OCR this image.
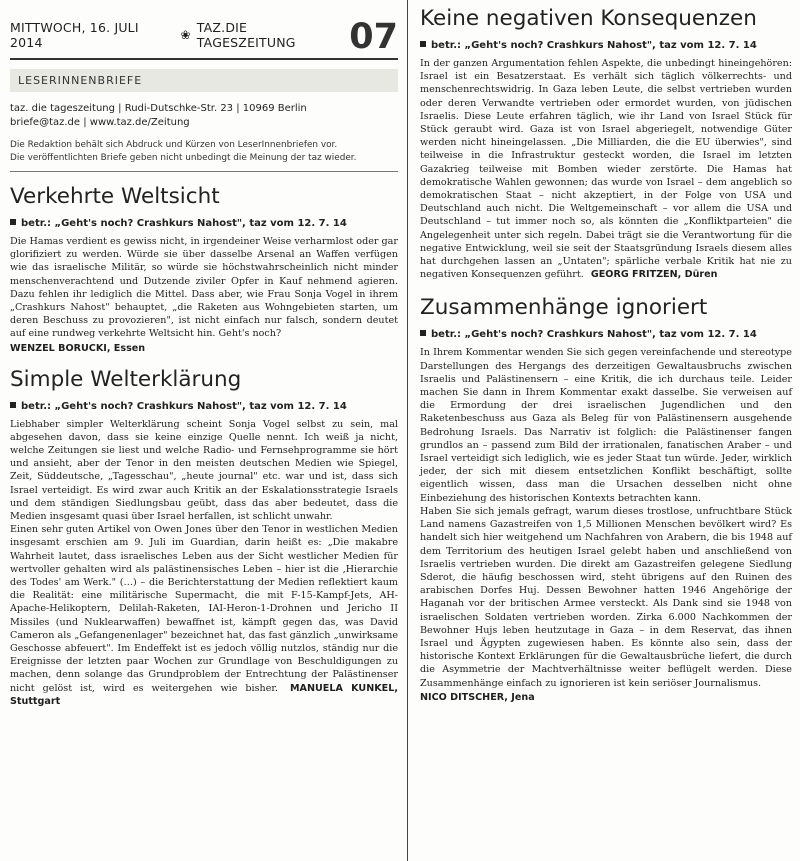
MITTWOCH, 16. JULI 2014	❀ TAZ.DIE TAGESZEITUNG	07
LESERINNENBRIEFE
taz. die tageszeitung | Rudi-Dutschke-Str. 23 | 10969 Berlin
briefe@taz.de | www.taz.de/Zeitung
Die Redaktion behält sich Abdruck und Kürzen von LeserInnenbriefen vor.
Die veröffentlichten Briefe geben nicht unbedingt die Meinung der taz wieder.
Verkehrte Weltsicht
betr.: „Geht's noch? Crashkurs Nahost", taz vom 12. 7. 14

Die Hamas verdient es gewiss nicht, in irgendeiner Weise verharmlost oder gar glorifiziert zu werden. Würde sie über dasselbe Arsenal an Waffen verfügen wie das israelische Militär, so würde sie höchstwahrscheinlich nicht minder menschenverachtend und Dutzende ziviler Opfer in Kauf nehmend agieren. Dazu fehlen ihr lediglich die Mittel. Dass aber, wie Frau Sonja Vogel in ihrem „Crashkurs Nahost" behauptet, „die Raketen aus Wohngebieten starten, um deren Beschuss zu provozieren", ist nicht einfach nur falsch, sondern deutet auf eine rundweg verkehrte Weltsicht hin. Geht's noch?

WENZEL BORUCKI, Essen
Simple Welterklärung
betr.: „Geht's noch? Crashkurs Nahost", taz vom 12. 7. 14

Liebhaber simpler Welterklärung scheint Sonja Vogel selbst zu sein, mal abgesehen davon, dass sie keine einzige Quelle nennt. Ich weiß ja nicht, welche Zeitungen sie liest und welche Radio- und Fernsehprogramme sie hört und ansieht, aber der Tenor in den meisten deutschen Medien wie Spiegel, Zeit, Süddeutsche, „Tagesschau", „heute journal" etc. war und ist, dass sich Israel verteidigt. Es wird zwar auch Kritik an der Eskalationsstrategie Israels und dem ständigen Siedlungsbau geübt, dass das aber bedeutet, dass die Medien insgesamt quasi über Israel herfallen, ist schlicht unwahr.

Einen sehr guten Artikel von Owen Jones über den Tenor in westlichen Medien insgesamt erschien am 9. Juli im Guardian, darin heißt es: „Die makabre Wahrheit lautet, dass israelisches Leben aus der Sicht westlicher Medien für wertvoller gehalten wird als palästinensisches Leben – hier ist die ‚Hierarchie des Todes' am Werk." (…) – die Berichterstattung der Medien reflektiert kaum die Realität: eine militärische Supermacht, die mit F-15-Kampf-Jets, AH-Apache-Helikoptern, Delilah-Raketen, IAI-Heron-1-Drohnen und Jericho II Missiles (und Nuklearwaffen) bewaffnet ist, kämpft gegen das, was David Cameron als „Gefangenenlager" bezeichnet hat, das fast gänzlich „unwirksame Geschosse abfeuert". Im Endeffekt ist es jedoch völlig nutzlos, ständig nur die Ereignisse der letzten paar Wochen zur Grundlage von Beschuldigungen zu machen, denn solange das Grundproblem der Entrechtung der Palästinenser nicht gelöst ist, wird es weitergehen wie bisher. MANUELA KUNKEL, Stuttgart

Keine negativen Konsequenzen
betr.: „Geht's noch? Crashkurs Nahost", taz vom 12. 7. 14

In der ganzen Argumentation fehlen Aspekte, die unbedingt hineingehören: Israel ist ein Besatzerstaat. Es verhält sich täglich völkerrechts- und menschenrechtswidrig. In Gaza leben Leute, die selbst vertrieben wurden oder deren Verwandte vertrieben oder ermordet wurden, von jüdischen Israelis. Diese Leute erfahren täglich, wie ihr Land von Israel Stück für Stück geraubt wird. Gaza ist von Israel abgeriegelt, notwendige Güter werden nicht hineingelassen. „Die Milliarden, die die EU überwies", sind teilweise in die Infrastruktur gesteckt worden, die Israel im letzten Gazakrieg teilweise mit Bomben wieder zerstörte. Die Hamas hat demokratische Wahlen gewonnen; das wurde von Israel – dem angeblich so demokratischen Staat – nicht akzeptiert, in der Folge von USA und Deutschland auch nicht. Die Weltgemeinschaft – vor allem die USA und Deutschland – tut immer noch so, als könnten die „Konfliktparteien" die Angelegenheit unter sich regeln. Dabei trägt sie die Verantwortung für die negative Entwicklung, weil sie seit der Staatsgründung Israels diesem alles hat durchgehen lassen an „Untaten"; spärliche verbale Kritik hat nie zu negativen Konsequenzen geführt. GEORG FRITZEN, Düren

Zusammenhänge ignoriert
betr.: „Geht's noch? Crashkurs Nahost", taz vom 12. 7. 14

In Ihrem Kommentar wenden Sie sich gegen vereinfachende und stereotype Darstellungen des Hergangs des derzeitigen Gewaltausbruchs zwischen Israelis und Palästinensern – eine Kritik, die ich durchaus teile. Leider machen Sie dann in Ihrem Kommentar exakt dasselbe. Sie verweisen auf die Ermordung der drei israelischen Jugendlichen und den Raketenbeschuss aus Gaza als Beleg für von Palästinensern ausgehende Bedrohung Israels. Das Narrativ ist folglich: die Palästinenser fangen grundlos an – passend zum Bild der irrationalen, fanatischen Araber – und Israel verteidigt sich lediglich, wie es jeder Staat tun würde. Jeder, wirklich jeder, der sich mit diesem entsetzlichen Konflikt beschäftigt, sollte eigentlich wissen, dass man die Ursachen desselben nicht ohne Einbeziehung des historischen Kontexts betrachten kann.

Haben Sie sich jemals gefragt, warum dieses trostlose, unfruchtbare Stück Land namens Gazastreifen von 1,5 Millionen Menschen bevölkert wird? Es handelt sich hier weitgehend um Nachfahren von Arabern, die bis 1948 auf dem Territorium des heutigen Israel gelebt haben und anschließend von Israelis vertrieben wurden. Die direkt am Gazastreifen gelegene Siedlung Sderot, die häufig beschossen wird, steht übrigens auf den Ruinen des arabischen Dorfes Huj. Dessen Bewohner hatten 1946 Angehörige der Haganah vor der britischen Armee versteckt. Als Dank sind sie 1948 von israelischen Soldaten vertrieben worden. Zirka 6.000 Nachkommen der Bewohner Hujs leben heutzutage in Gaza – in dem Reservat, das ihnen Israel und Ägypten zugewiesen haben. Es könnte also sein, dass der historische Kontext Erklärungen für die Gewaltausbrüche liefert, die durch die Asymmetrie der Machtverhältnisse weiter beflügelt werden. Diese Zusammenhänge einfach zu ignorieren ist kein seriöser Journalismus.

NICO DITSCHER, Jena
